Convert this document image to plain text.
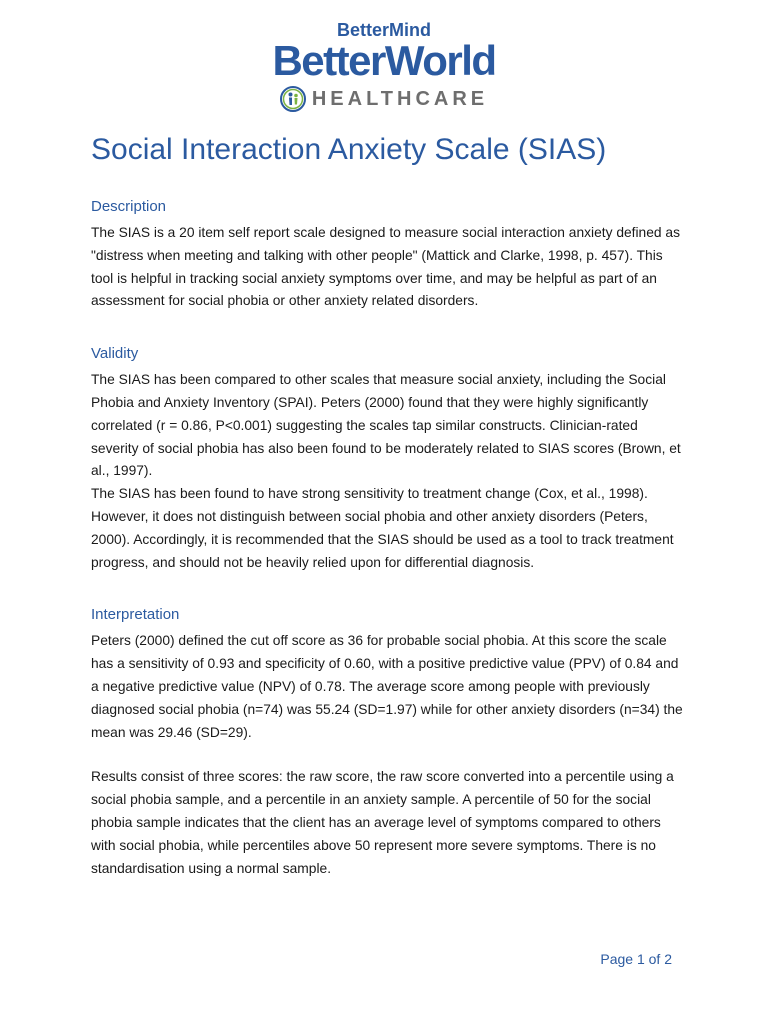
BetterMind
BetterWorld
HEALTHCARE
Social Interaction Anxiety Scale (SIAS)
Description

The SIAS is a 20 item self report scale designed to measure social interaction anxiety defined as "distress when meeting and talking with other people" (Mattick and Clarke, 1998, p. 457). This tool is helpful in tracking social anxiety symptoms over time, and may be helpful as part of an assessment for social phobia or other anxiety related disorders.

Validity

The SIAS has been compared to other scales that measure social anxiety, including the Social Phobia and Anxiety Inventory (SPAI). Peters (2000) found that they were highly significantly correlated (r = 0.86, P<0.001) suggesting the scales tap similar constructs. Clinician-rated severity of social phobia has also been found to be moderately related to SIAS scores (Brown, et al., 1997).

The SIAS has been found to have strong sensitivity to treatment change (Cox, et al., 1998). However, it does not distinguish between social phobia and other anxiety disorders (Peters, 2000). Accordingly, it is recommended that the SIAS should be used as a tool to track treatment progress, and should not be heavily relied upon for differential diagnosis.

Interpretation

Peters (2000) defined the cut off score as 36 for probable social phobia. At this score the scale has a sensitivity of 0.93 and specificity of 0.60, with a positive predictive value (PPV) of 0.84 and a negative predictive value (NPV) of 0.78. The average score among people with previously diagnosed social phobia (n=74) was 55.24 (SD=1.97) while for other anxiety disorders (n=34) the mean was 29.46 (SD=29).

Results consist of three scores: the raw score, the raw score converted into a percentile using a social phobia sample, and a percentile in an anxiety sample. A percentile of 50 for the social phobia sample indicates that the client has an average level of symptoms compared to others with social phobia, while percentiles above 50 represent more severe symptoms. There is no standardisation using a normal sample.

Page 1 of 2
